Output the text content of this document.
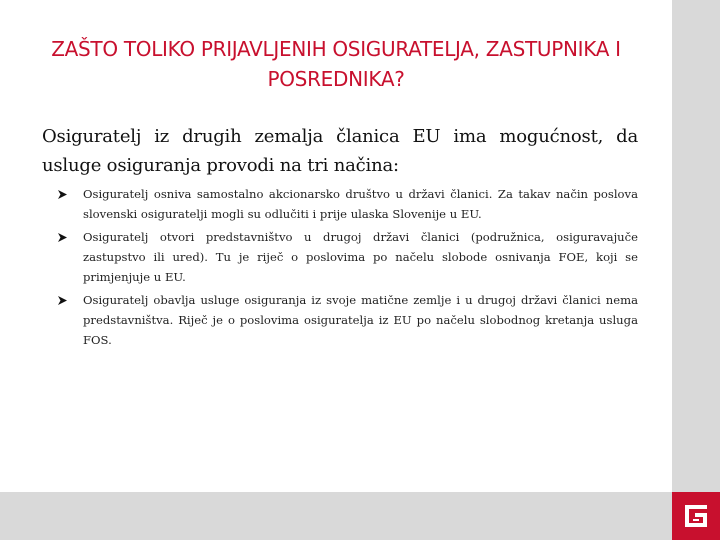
ZAŠTO TOLIKO PRIJAVLJENIH OSIGURATELJA, ZASTUPNIKA I
POSREDNIKA?

Osiguratelj iz drugih zemalja članica EU ima mogućnost, da usluge osiguranja provodi na tri načina:

Osiguratelj osniva samostalno akcionarsko društvo u državi članici. Za takav način poslova slovenski osiguratelji mogli su odlučiti i prije ulaska Slovenije u EU.
Osiguratelj otvori predstavništvo u drugoj državi članici (podružnica, osiguravajuče zastupstvo ili ured). Tu je riječ o poslovima po načelu slobode osnivanja FOE, koji se primjenjuje u EU.
Osiguratelj obavlja usluge osiguranja iz svoje matične zemlje i u drugoj državi članici nema predstavništva. Riječ je o poslovima osiguratelja iz EU po načelu slobodnog kretanja usluga FOS.
